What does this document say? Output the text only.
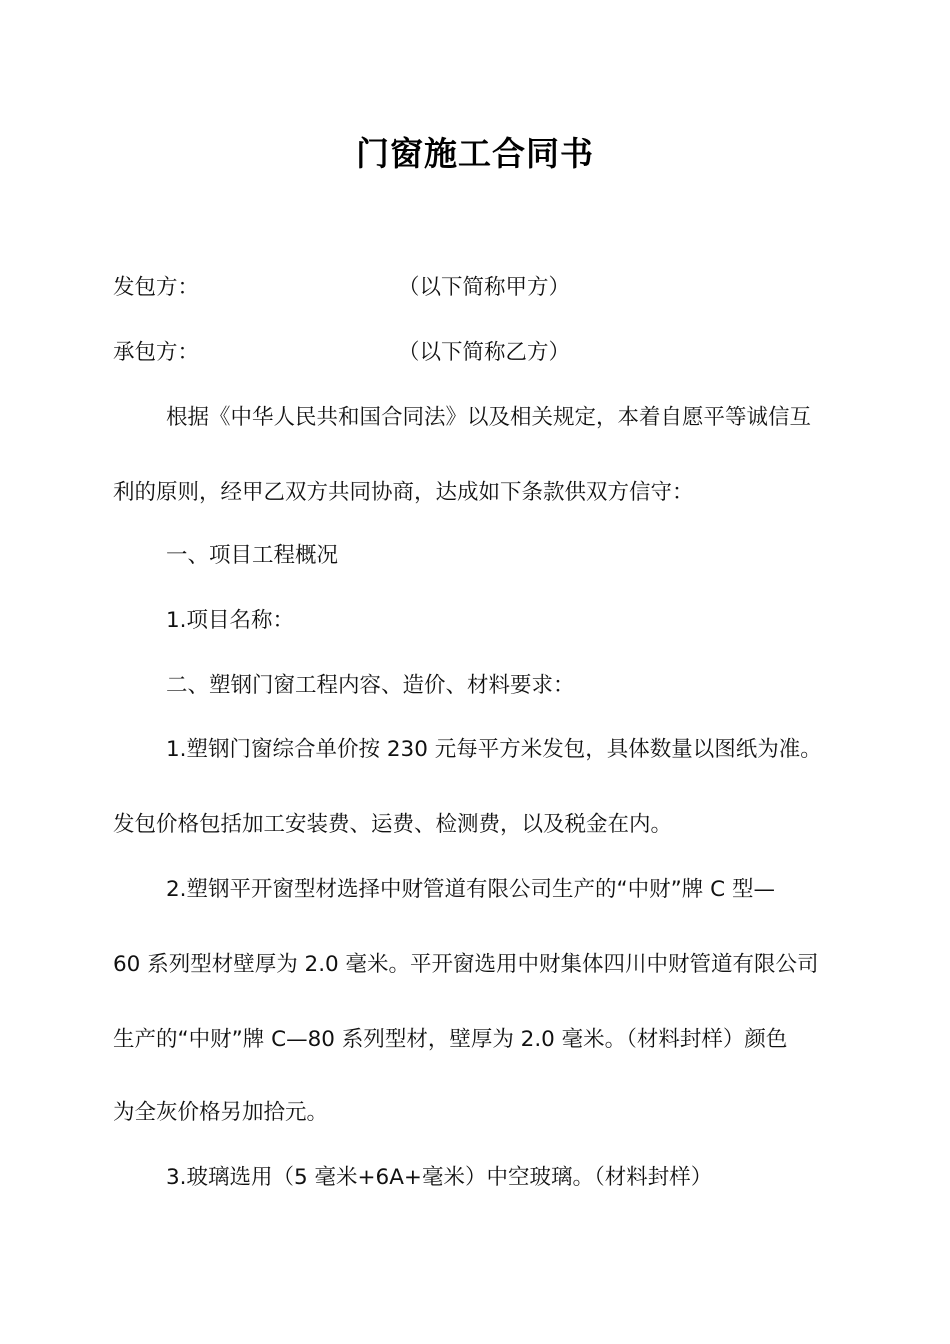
门窗施工合同书
发包方：	（以下简称甲方）
承包方：	（以下简称乙方）
根据《中华人民共和国合同法》以及相关规定，本着自愿平等诚信互
利的原则，经甲乙双方共同协商，达成如下条款供双方信守：
一、项目工程概况
1.项目名称：
二、塑钢门窗工程内容、造价、材料要求：
1.塑钢门窗综合单价按 230 元每平方米发包，具体数量以图纸为准。
发包价格包括加工安装费、运费、检测费，以及税金在内。
2.塑钢平开窗型材选择中财管道有限公司生产的“中财”牌 C 型—
60 系列型材壁厚为 2.0 毫米。平开窗选用中财集体四川中财管道有限公司
生产的“中财”牌 C—80 系列型材，壁厚为 2.0 毫米。（材料封样）颜色
为全灰价格另加拾元。
3.玻璃选用（5 毫米+6A+毫米）中空玻璃。（材料封样）
